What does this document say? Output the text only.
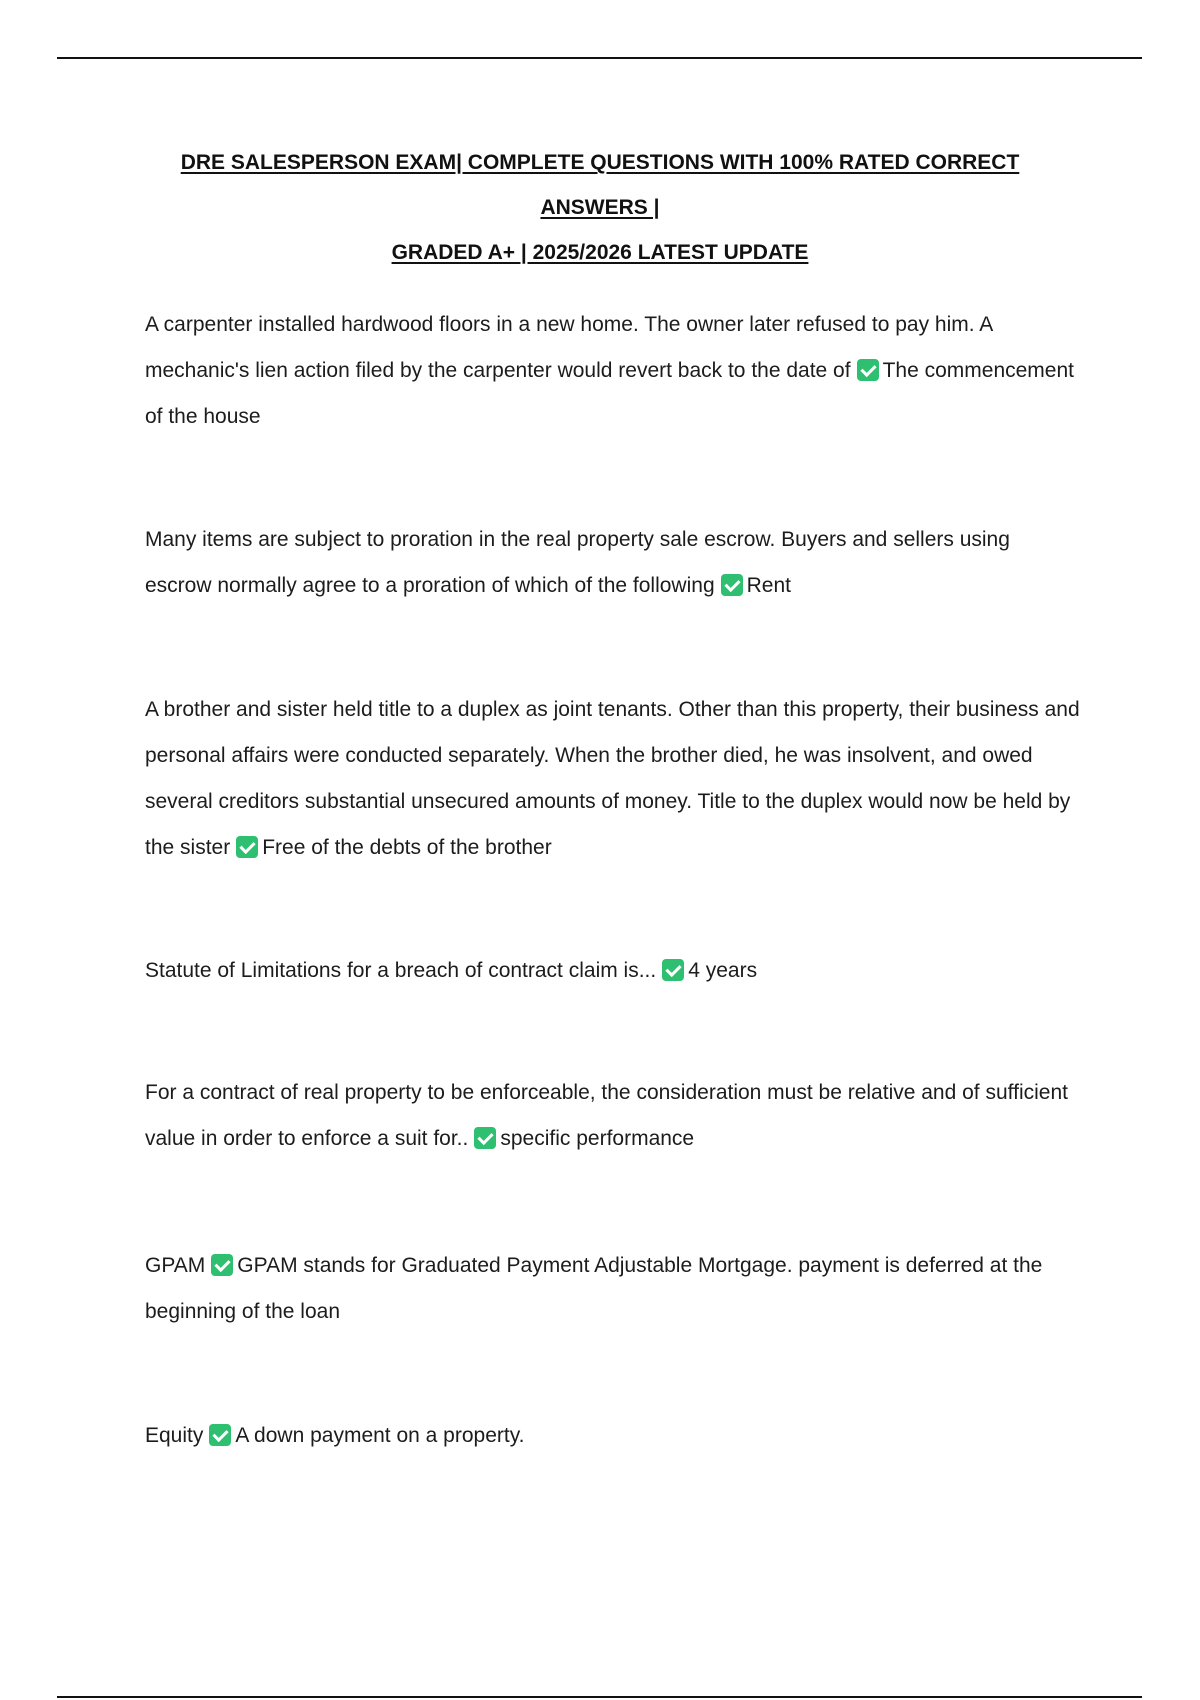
DRE SALESPERSON EXAM| COMPLETE QUESTIONS WITH 100% RATED CORRECT ANSWERS |
GRADED A+ | 2025/2026 LATEST UPDATE
A carpenter installed hardwood floors in a new home. The owner later refused to pay him. A mechanic's lien action filed by the carpenter would revert back to the date of The commencement of the house
Many items are subject to proration in the real property sale escrow. Buyers and sellers using escrow normally agree to a proration of which of the following Rent
A brother and sister held title to a duplex as joint tenants. Other than this property, their business and personal affairs were conducted separately. When the brother died, he was insolvent, and owed several creditors substantial unsecured amounts of money. Title to the duplex would now be held by the sister Free of the debts of the brother
Statute of Limitations for a breach of contract claim is... 4 years
For a contract of real property to be enforceable, the consideration must be relative and of sufficient value in order to enforce a suit for.. specific performance
GPAM GPAM stands for Graduated Payment Adjustable Mortgage. payment is deferred at the beginning of the loan
Equity A down payment on a property.
